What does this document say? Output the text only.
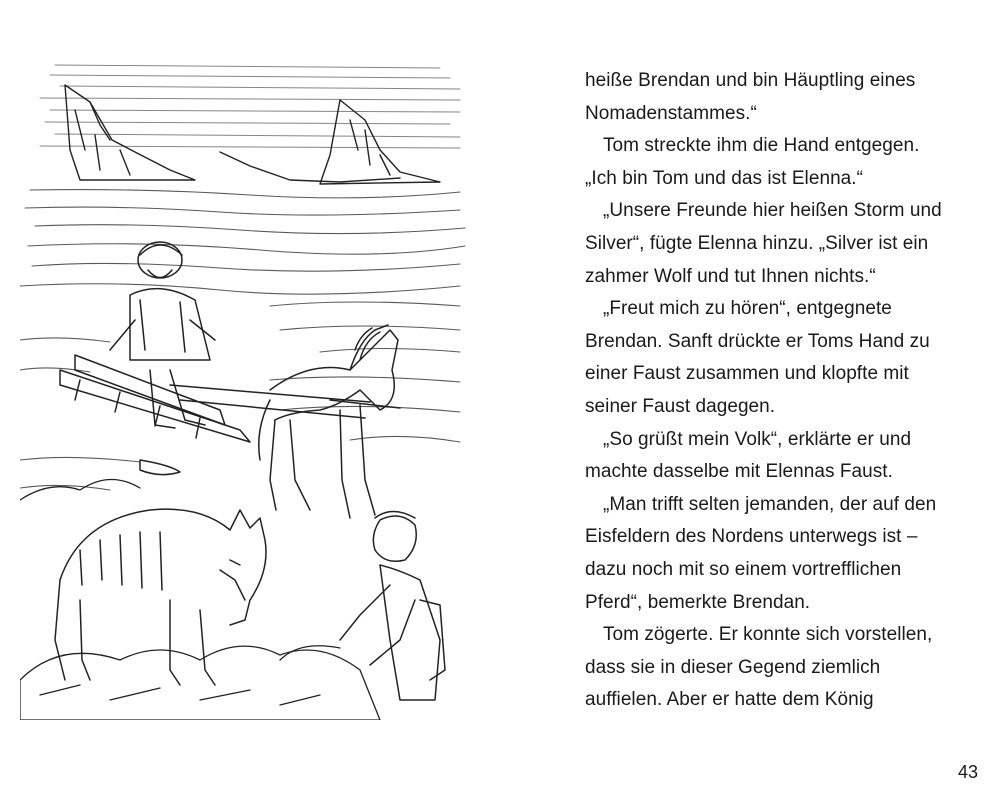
heiße Brendan und bin Häuptling eines
Nomadenstammes.“
Tom streckte ihm die Hand entgegen.
„Ich bin Tom und das ist Elenna.“
„Unsere Freunde hier heißen Storm und
Silver“, fügte Elenna hinzu. „Silver ist ein
zahmer Wolf und tut Ihnen nichts.“
„Freut mich zu hören“, entgegnete
Brendan. Sanft drückte er Toms Hand zu
einer Faust zusammen und klopfte mit
seiner Faust dagegen.
„So grüßt mein Volk“, erklärte er und
machte dasselbe mit Elennas Faust.
„Man trifft selten jemanden, der auf den
Eisfeldern des Nordens unterwegs ist –
dazu noch mit so einem vortrefflichen
Pferd“, bemerkte Brendan.
Tom zögerte. Er konnte sich vorstellen,
dass sie in dieser Gegend ziemlich
auffielen. Aber er hatte dem König
43
